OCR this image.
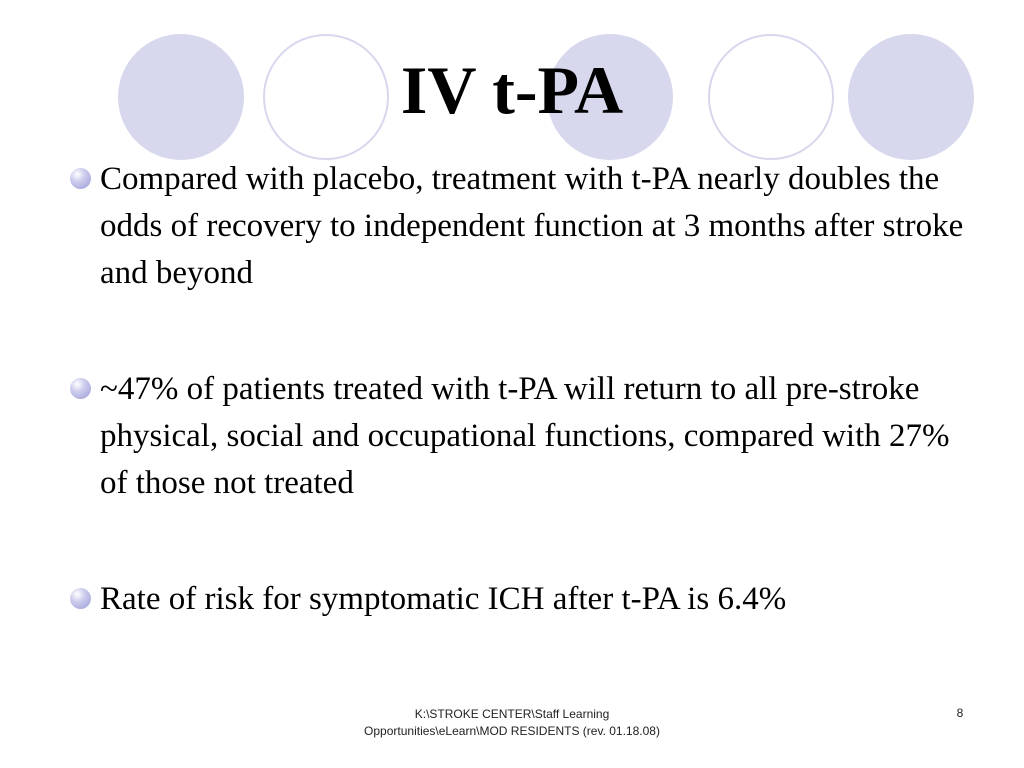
IV t-PA
Compared with placebo, treatment with t-PA nearly doubles the odds of recovery to independent function at 3 months after stroke and beyond
~47% of patients treated with t-PA will return to all pre-stroke physical, social and occupational functions, compared with 27% of those not treated
Rate of risk for symptomatic ICH after t-PA is 6.4%
K:\STROKE CENTER\Staff Learning Opportunities\eLearn\MOD RESIDENTS (rev. 01.18.08)
8
